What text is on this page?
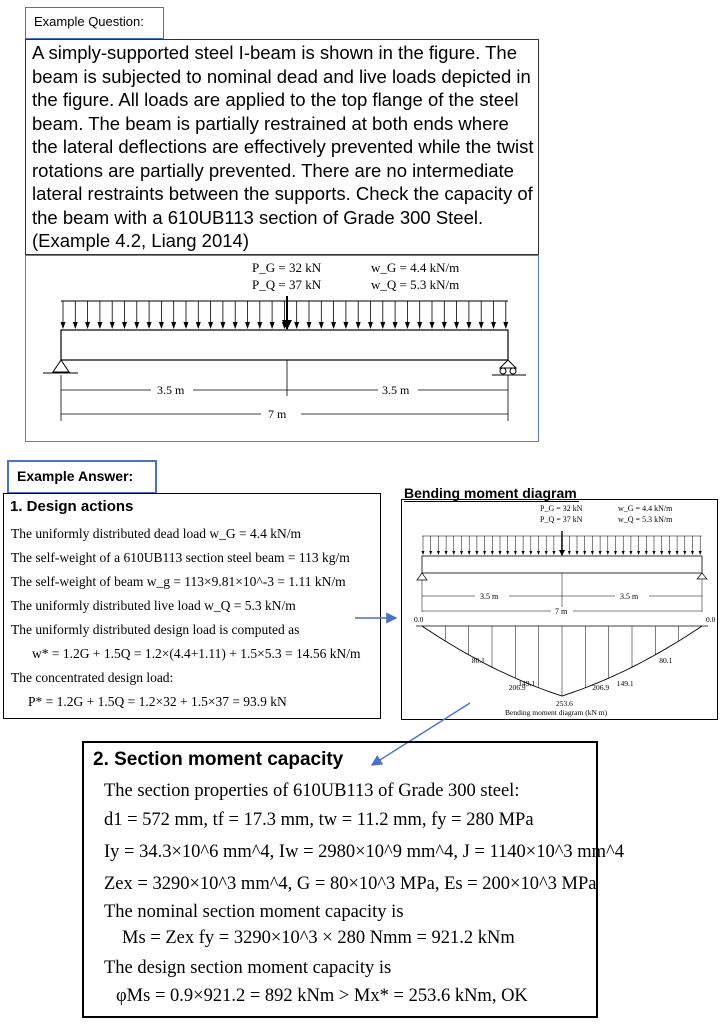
Example Question:
A simply-supported steel I-beam is shown in the figure. The
beam is subjected to nominal dead and live loads depicted in
the figure. All loads are applied to the top flange of the steel
beam. The beam is partially restrained at both ends where
the lateral deflections are effectively prevented while the twist
rotations are partially prevented. There are no intermediate
lateral restraints between the supports. Check the capacity of
the beam with a 610UB113 section of Grade 300 Steel.
(Example 4.2, Liang 2014)
P_G = 32 kN
P_Q = 37 kN
w_G = 4.4 kN/m
w_Q = 5.3 kN/m
3.5 m	3.5 m
7 m
Example Answer:
1. Design actions
The uniformly distributed dead load w_G = 4.4 kN/m
The self-weight of a 610UB113 section steel beam = 113 kg/m
The self-weight of beam w_g = 113×9.81×10^-3 = 1.11 kN/m
The uniformly distributed live load w_Q = 5.3 kN/m
The uniformly distributed design load is computed as
w* = 1.2G + 1.5Q = 1.2×(4.4+1.11) + 1.5×5.3 = 14.56 kN/m
The concentrated design load:
P* = 1.2G + 1.5Q = 1.2×32 + 1.5×37 = 93.9 kN
Bending moment diagram
P_G = 32 kN
P_Q = 37 kN
w_G = 4.4 kN/m
w_Q = 5.3 kN/m
3.5 m	3.5 m
7 m
0.0
80.1
149.1
206.9
253.6
206.9 149.1
80.1
0.0
Bending moment diagram (kN m)
2. Section moment capacity
The section properties of 610UB113 of Grade 300 steel:
d1 = 572 mm, tf = 17.3 mm, tw = 11.2 mm, fy = 280 MPa
Iy = 34.3×10^6 mm^4, Iw = 2980×10^9 mm^4, J = 1140×10^3 mm^4
Zex = 3290×10^3 mm^4, G = 80×10^3 MPa, Es = 200×10^3 MPa
The nominal section moment capacity is
Ms = Zex fy = 3290×10^3 × 280 Nmm = 921.2 kNm
The design section moment capacity is
φMs = 0.9×921.2 = 892 kNm > Mx* = 253.6 kNm, OK
